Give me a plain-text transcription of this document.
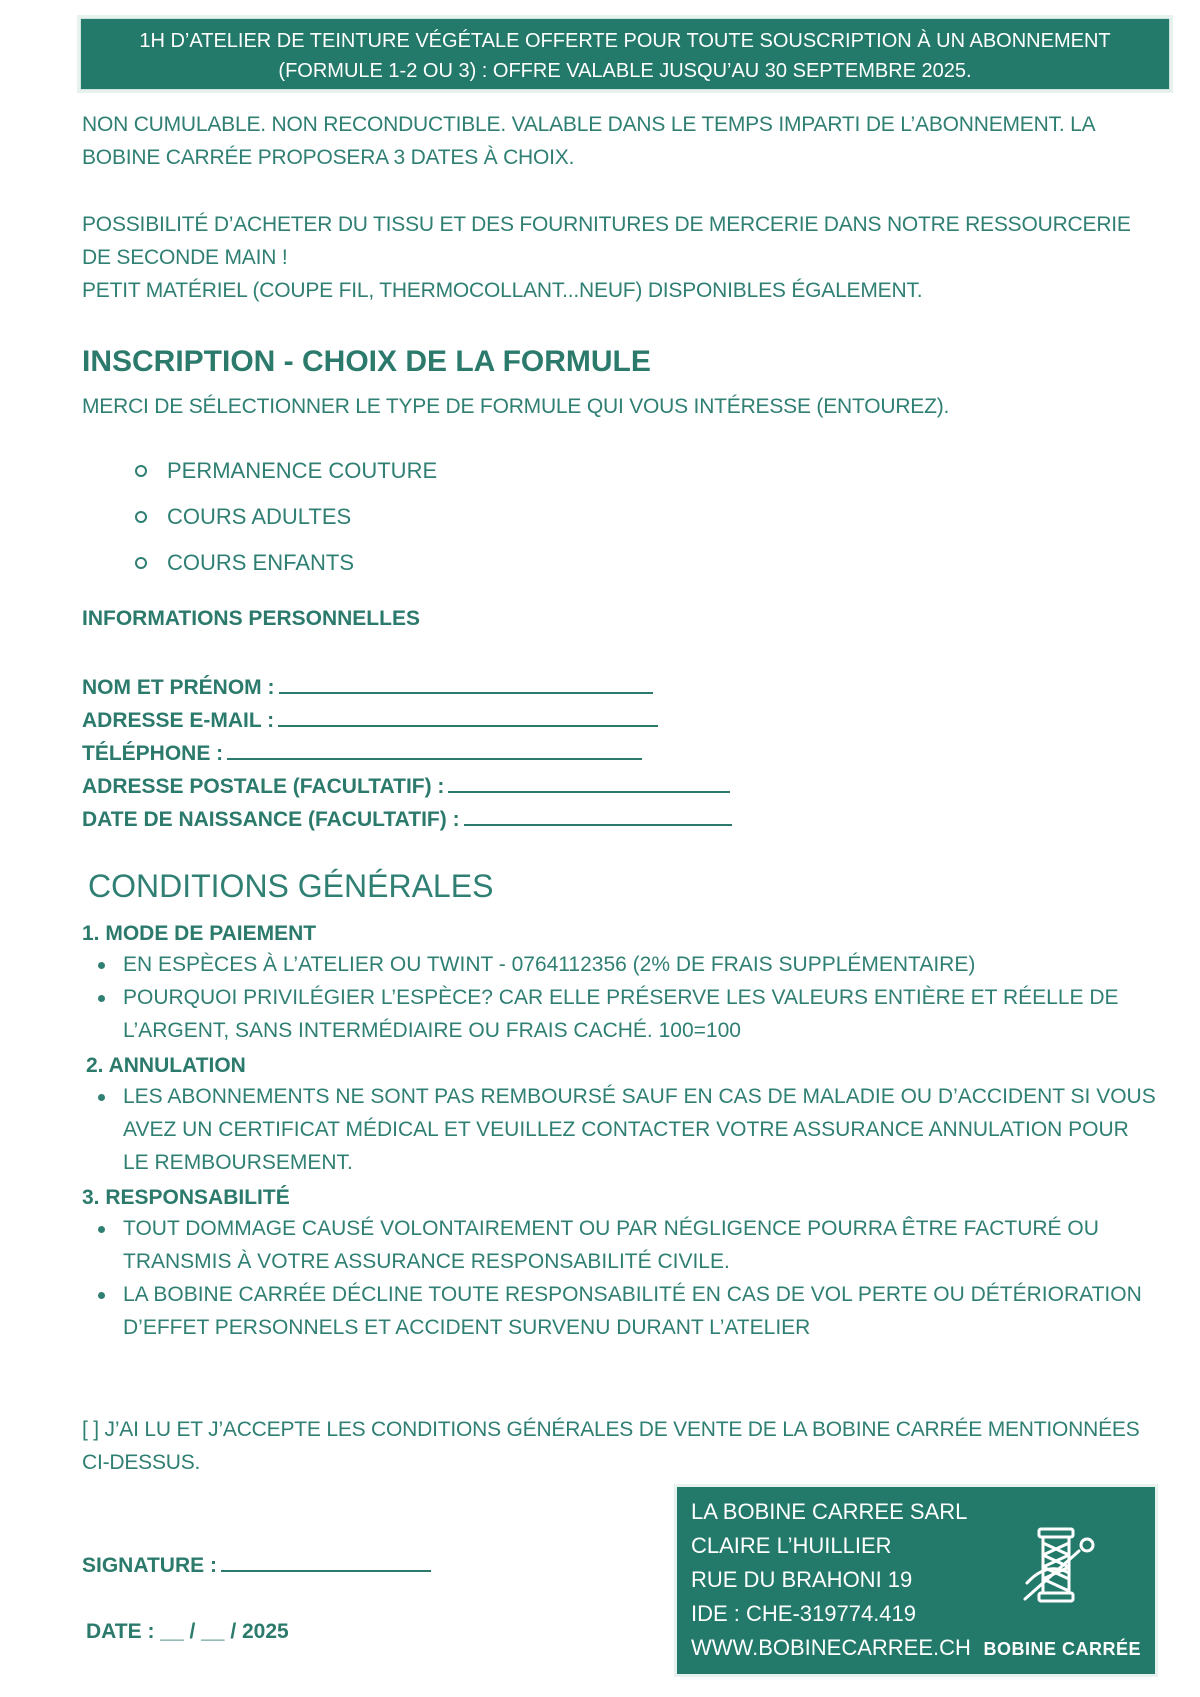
1H D’ATELIER DE TEINTURE VÉGÉTALE OFFERTE POUR TOUTE SOUSCRIPTION À UN ABONNEMENT
(FORMULE 1-2 OU 3) : OFFRE VALABLE JUSQU’AU 30 SEPTEMBRE 2025.
NON CUMULABLE. NON RECONDUCTIBLE. VALABLE DANS LE TEMPS IMPARTI DE L’ABONNEMENT. LA
BOBINE CARRÉE PROPOSERA 3 DATES À CHOIX.
POSSIBILITÉ D’ACHETER DU TISSU ET DES FOURNITURES DE MERCERIE DANS NOTRE RESSOURCERIE
DE SECONDE MAIN !
PETIT MATÉRIEL (COUPE FIL, THERMOCOLLANT...NEUF) DISPONIBLES ÉGALEMENT.
INSCRIPTION - CHOIX DE LA FORMULE
MERCI DE SÉLECTIONNER LE TYPE DE FORMULE QUI VOUS INTÉRESSE (ENTOUREZ).
PERMANENCE COUTURE
COURS ADULTES
COURS ENFANTS
INFORMATIONS PERSONNELLES
NOM ET PRÉNOM :
ADRESSE E-MAIL :
TÉLÉPHONE :
ADRESSE POSTALE (FACULTATIF) :
DATE DE NAISSANCE (FACULTATIF) :
CONDITIONS GÉNÉRALES
1. MODE DE PAIEMENT
EN ESPÈCES À L’ATELIER OU TWINT - 0764112356 (2% DE FRAIS SUPPLÉMENTAIRE)
POURQUOI PRIVILÉGIER L’ESPÈCE? CAR ELLE PRÉSERVE LES VALEURS ENTIÈRE ET RÉELLE DE
L’ARGENT, SANS INTERMÉDIAIRE OU FRAIS CACHÉ. 100=100
2. ANNULATION
LES ABONNEMENTS NE SONT PAS REMBOURSÉ SAUF EN CAS DE MALADIE OU D’ACCIDENT SI VOUS
AVEZ UN CERTIFICAT MÉDICAL ET VEUILLEZ CONTACTER VOTRE ASSURANCE ANNULATION POUR
LE REMBOURSEMENT.
3. RESPONSABILITÉ
TOUT DOMMAGE CAUSÉ VOLONTAIREMENT OU PAR NÉGLIGENCE POURRA ÊTRE FACTURÉ OU
TRANSMIS À VOTRE ASSURANCE RESPONSABILITÉ CIVILE.
LA BOBINE CARRÉE DÉCLINE TOUTE RESPONSABILITÉ EN CAS DE VOL PERTE OU DÉTÉRIORATION
D’EFFET PERSONNELS ET ACCIDENT SURVENU DURANT L’ATELIER
[ ] J’AI LU ET J’ACCEPTE LES CONDITIONS GÉNÉRALES DE VENTE DE LA BOBINE CARRÉE MENTIONNÉES
CI-DESSUS.
SIGNATURE :
DATE : __ / __ / 2025
LA BOBINE CARREE SARL
CLAIRE L’HUILLIER
RUE DU BRAHONI 19
IDE : CHE-319774.419
WWW.BOBINECARREE.CH BOBINE CARRÉE
